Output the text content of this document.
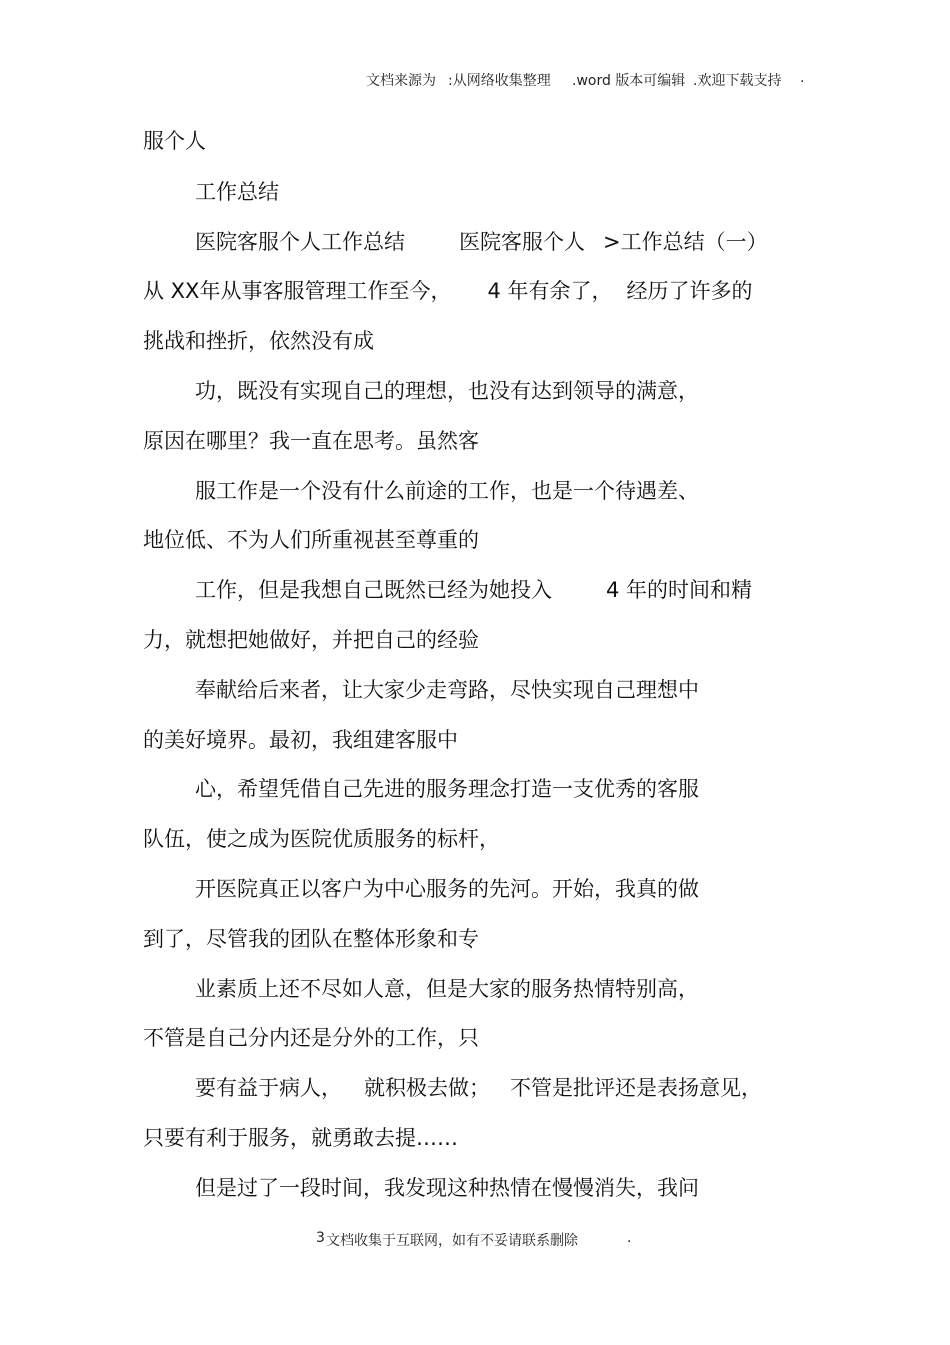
文档来源为 :从网络收集整理 .word 版本可编辑 .欢迎下载支持 .
服个人
工作总结
医院客服个人工作总结	医院客服个人 >工作总结（一）
从 XX年从事客服管理工作至今， 4 年有余了， 经历了许多的
挑战和挫折，依然没有成
功，既没有实现自己的理想，也没有达到领导的满意，
原因在哪里？我一直在思考。虽然客
服工作是一个没有什么前途的工作，也是一个待遇差、
地位低、不为人们所重视甚至尊重的
工作，但是我想自己既然已经为她投入	4 年的时间和精
力，就想把她做好，并把自己的经验
奉献给后来者，让大家少走弯路，尽快实现自己理想中
的美好境界。最初，我组建客服中
心，希望凭借自己先进的服务理念打造一支优秀的客服
队伍，使之成为医院优质服务的标杆，
开医院真正以客户为中心服务的先河。开始，我真的做
到了，尽管我的团队在整体形象和专
业素质上还不尽如人意，但是大家的服务热情特别高，
不管是自己分内还是分外的工作，只
要有益于病人， 就积极去做； 不管是批评还是表扬意见，
只要有利于服务，就勇敢去提……
但是过了一段时间，我发现这种热情在慢慢消失，我问
3 文档收集于互联网，如有不妥请联系删除	.
